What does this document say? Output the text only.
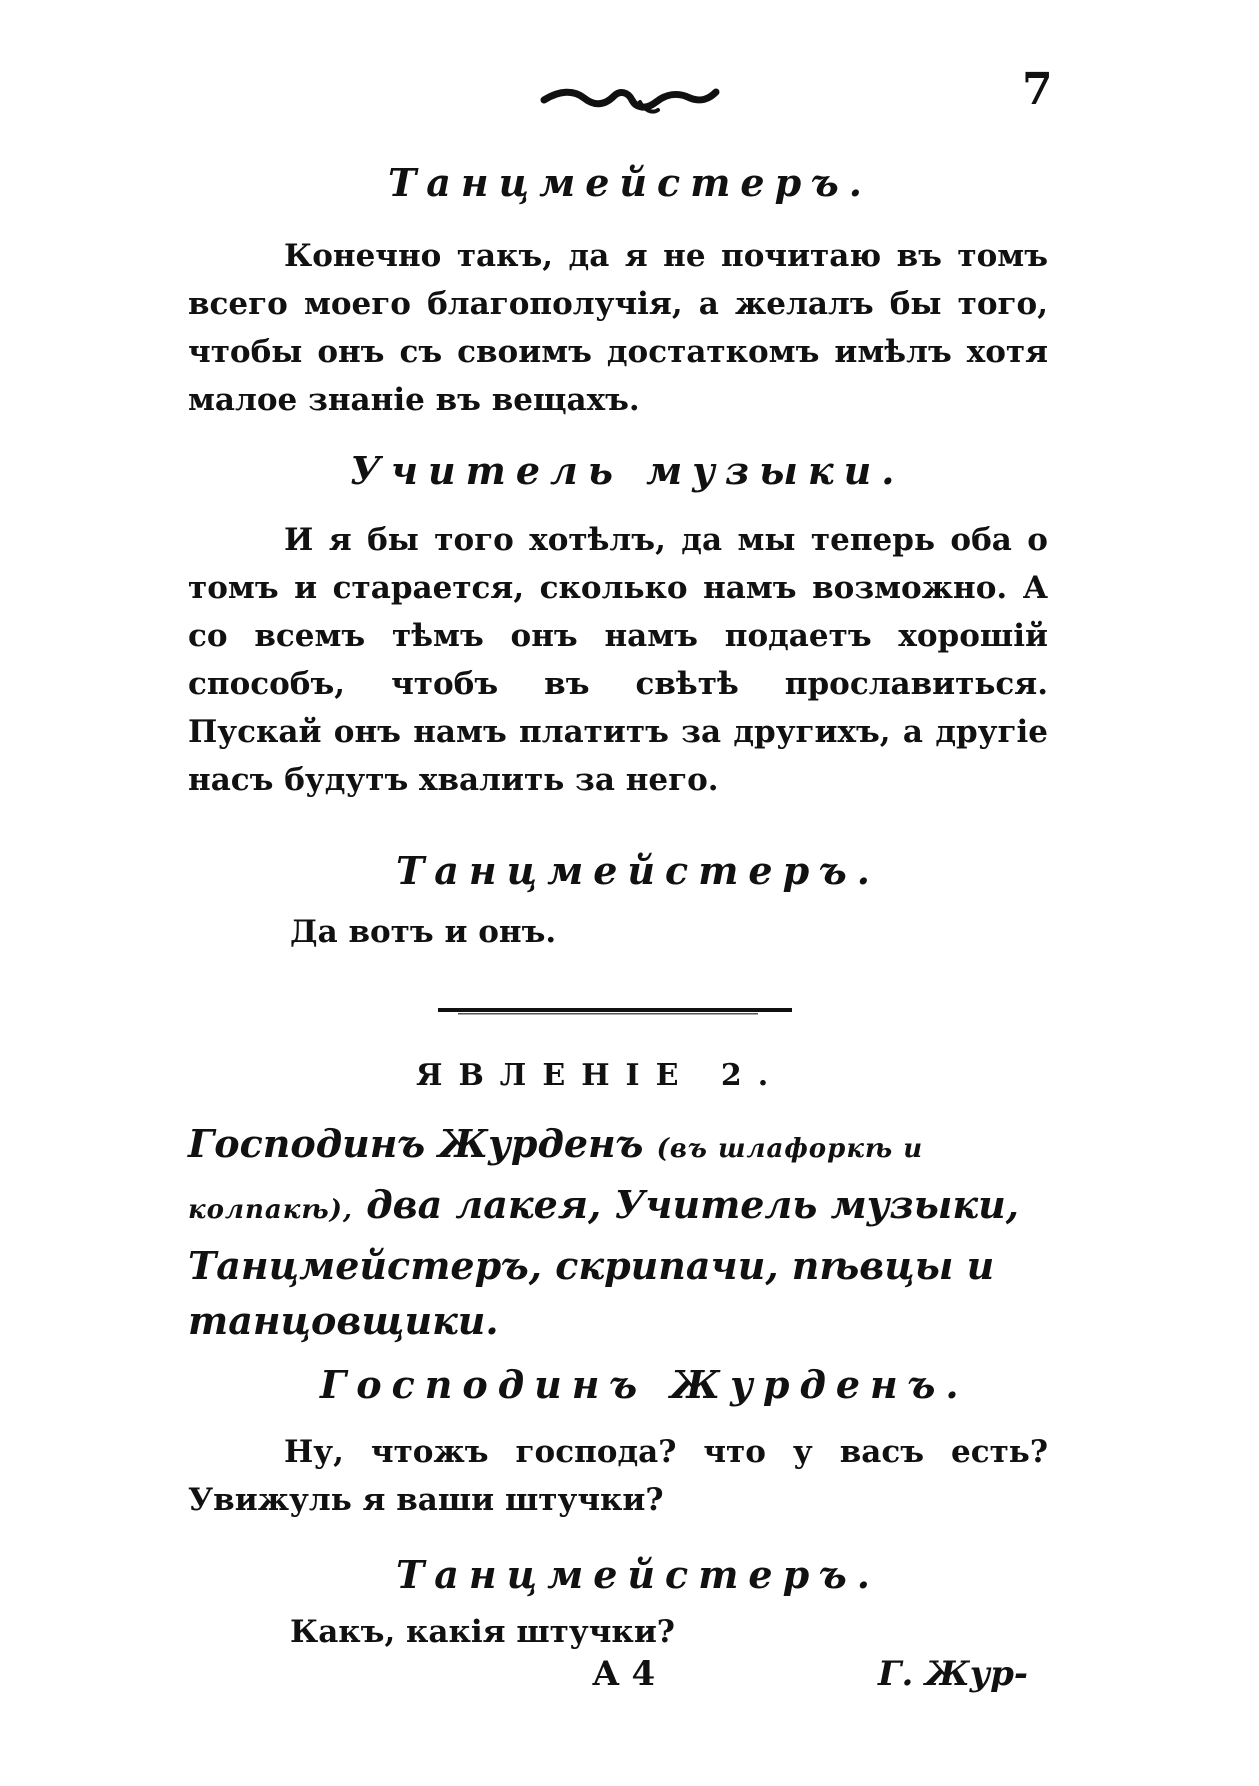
7
Танцмейстеръ.
Конечно такъ, да я не почитаю въ томъ всего моего благополучія, а желалъ бы того, чтобы онъ съ своимъ достаткомъ имѣлъ хотя малое знаніе въ вещахъ.
Учитель музыки.
И я бы того хотѣлъ, да мы теперь оба о томъ и старается, сколько намъ возможно. А со всемъ тѣмъ онъ намъ подаетъ хорошій способъ, чтобъ въ свѣтѣ прославиться. Пускай онъ намъ платитъ за другихъ, а другіе насъ будутъ хвалить за него.
Танцмейстеръ.
Да вотъ и онъ.
ЯВЛЕНІЕ 2.
Господинъ Журденъ (въ шлафоркѣ и колпакѣ), два лакея, Учитель музыки, Танцмейстеръ, скрипачи, пѣвцы и танцовщики.
Господинъ Журденъ.
Ну, чтожъ господа? что у васъ есть? Увижуль я ваши штучки?
Танцмейстеръ.
Какъ, какія штучки?
А 4	Г. Жур-
